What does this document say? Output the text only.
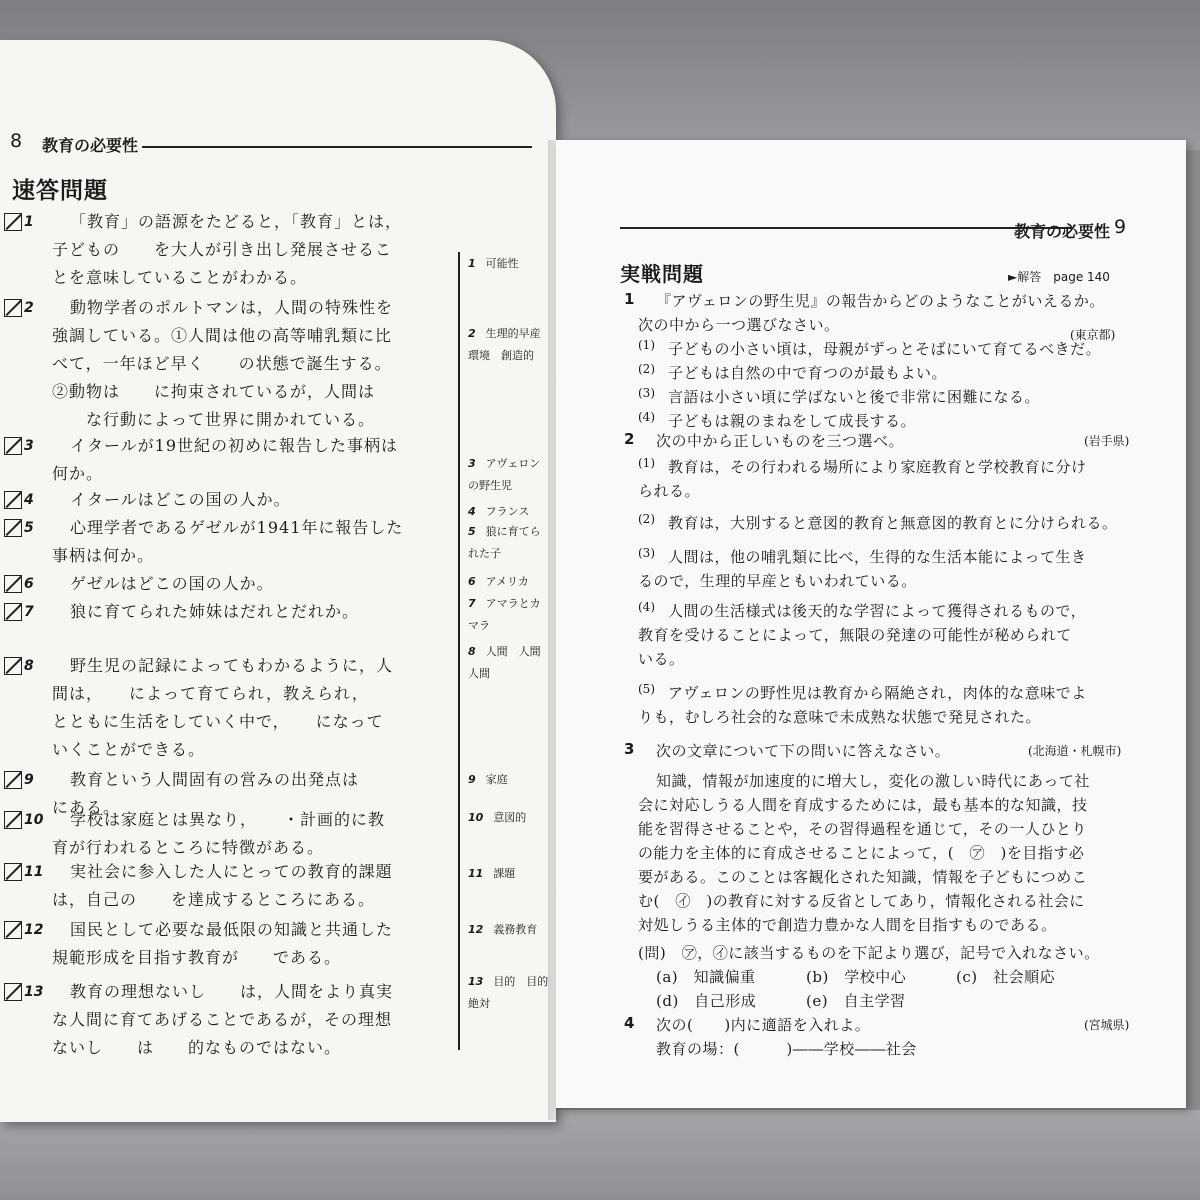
8 教育の必要性
速答問題
1 「教育」の語源をたどると，「教育」とは，
子どもの　　を大人が引き出し発展させるこ
とを意味していることがわかる。
2 動物学者のポルトマンは，人間の特殊性を
強調している。①人間は他の高等哺乳類に比
べて，一年ほど早く　　の状態で誕生する。
②動物は　　に拘束されているが，人間は
　　な行動によって世界に開かれている。
3 イタールが19世紀の初めに報告した事柄は
何か。
4 イタールはどこの国の人か。
5 心理学者であるゲゼルが1941年に報告した
事柄は何か。
6 ゲゼルはどこの国の人か。
7 狼に育てられた姉妹はだれとだれか。
8 野生児の記録によってもわかるように，人
間は，　　によって育てられ，教えられ，　　
とともに生活をしていく中で，　　になって
いくことができる。
9 教育という人間固有の営みの出発点は　　
にある。
10 学校は家庭とは異なり，　　・計画的に教
育が行われるところに特徴がある。
11 実社会に参入した人にとっての教育的課題
は，自己の　　を達成するところにある。
12 国民として必要な最低限の知識と共通した
規範形成を目指す教育が　　である。
13 教育の理想ないし　　は，人間をより真実
な人間に育てあげることであるが，その理想
ないし　　は　　的なものではない。
1 可能性
2 生理的早産
環境　創造的
3 アヴェロン
の野生児
4 フランス
5 狼に育てら
れた子
6 アメリカ
7 アマラとカ
マラ
8 人間　人間
人間
9 家庭
10 意図的
11 課題
12 義務教育
13 目的　目的
絶対
教育の必要性 9
実戦問題	►解答　page 140
1 『アヴェロンの野生児』の報告からどのようなことがいえるか。
次の中から一つ選びなさい。
(東京都)
(1) 子どもの小さい頃は，母親がずっとそばにいて育てるべきだ。
(2) 子どもは自然の中で育つのが最もよい。
(3) 言語は小さい頃に学ばないと後で非常に困難になる。
(4) 子どもは親のまねをして成長する。
2 次の中から正しいものを三つ選べ。	(岩手県)
(1) 教育は，その行われる場所により家庭教育と学校教育に分け
られる。
(2) 教育は，大別すると意図的教育と無意図的教育とに分けられる。
(3) 人間は，他の哺乳類に比べ，生得的な生活本能によって生き
るので，生理的早産ともいわれている。
(4) 人間の生活様式は後天的な学習によって獲得されるもので，
教育を受けることによって，無限の発達の可能性が秘められて
いる。
(5) アヴェロンの野性児は教育から隔絶され，肉体的な意味でよ
りも，むしろ社会的な意味で未成熟な状態で発見された。
3 次の文章について下の問いに答えなさい。	(北海道・札幌市)
知識，情報が加速度的に増大し，変化の激しい時代にあって社
会に対応しうる人間を育成するためには，最も基本的な知識，技
能を習得させることや，その習得過程を通じて，その一人ひとり
の能力を主体的に育成させることによって，(　㋐　)を目指す必
要がある。このことは客観化された知識，情報を子どもにつめこ
む(　㋑　)の教育に対する反省としてあり，情報化される社会に
対処しうる主体的で創造力豊かな人間を目指すものである。
(問)　㋐，㋑に該当するものを下記より選び，記号で入れなさい。
(a)　知識偏重	(b)　学校中心	(c)　社会順応
(d)　自己形成	(e)　自主学習
4 次の(　　)内に適語を入れよ。	(宮城県)
教育の場：(　　　)――学校――社会
